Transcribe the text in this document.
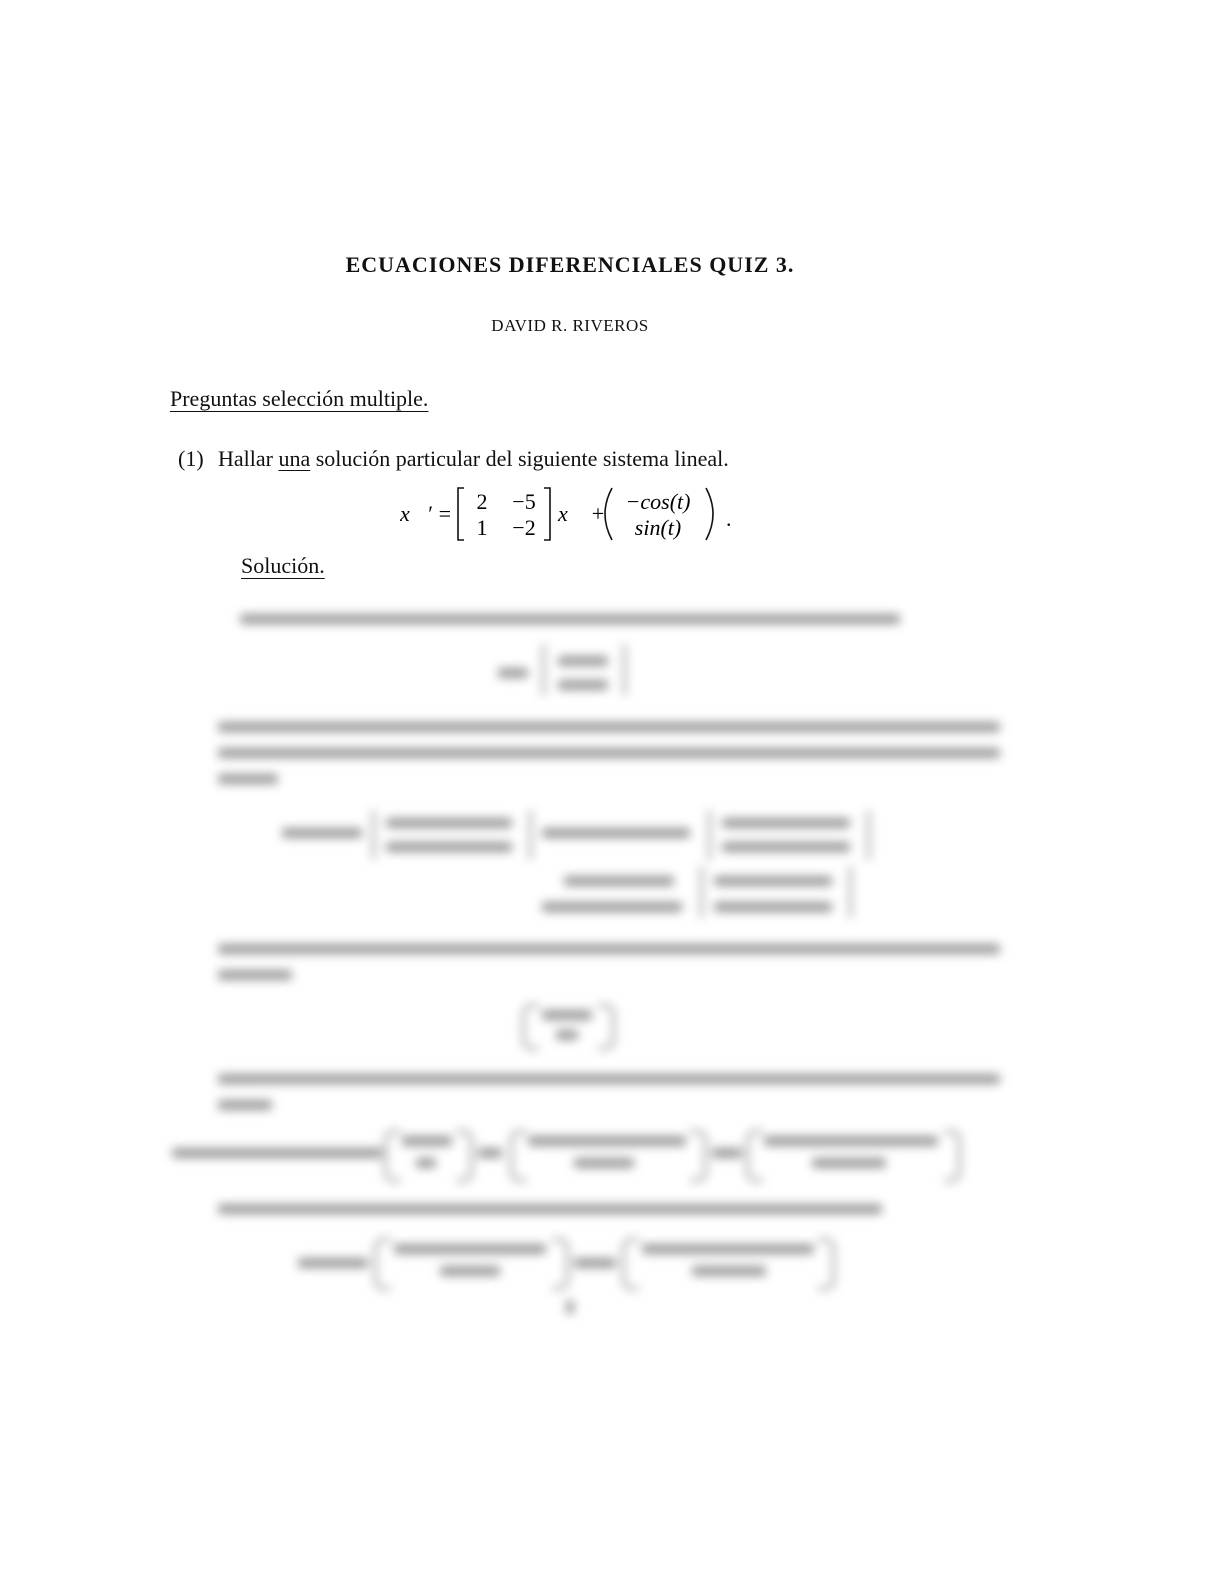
ECUACIONES DIFERENCIALES QUIZ 3.
DAVID R. RIVEROS
Preguntas selección multiple.
(1) Hallar una solución particular del siguiente sistema lineal.
x⃗′ = 2 −5
1 −2
x⃗ + −cos(t)
sin(t) .
Solución.
